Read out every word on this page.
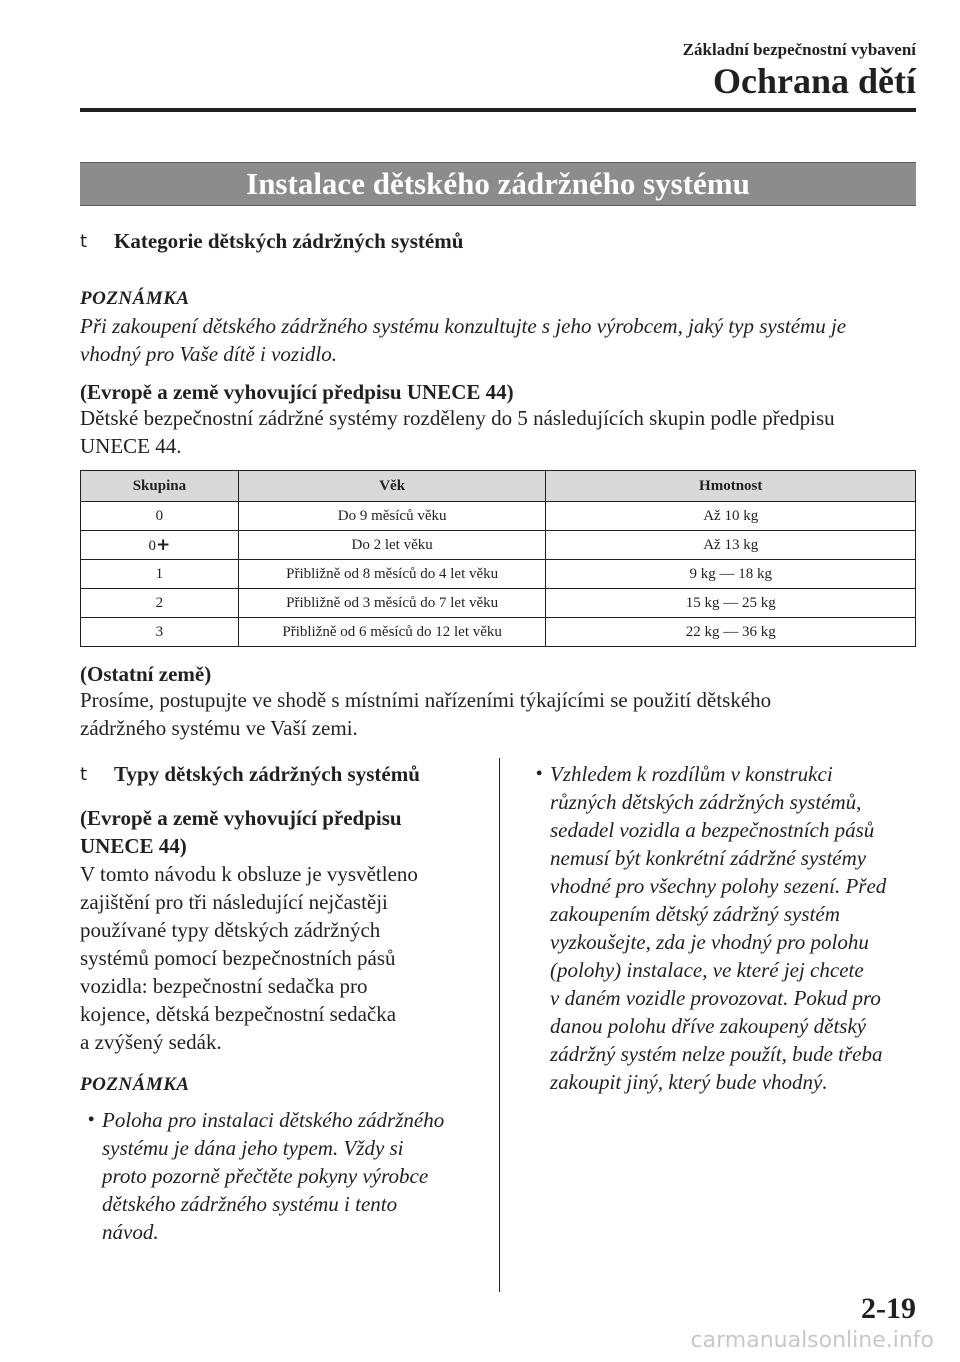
Základní bezpečnostní vybavení
Ochrana dětí
Instalace dětského zádržného systému
t	Kategorie dětských zádržných systémů
POZNÁMKA
Při zakoupení dětského zádržného systému konzultujte s jeho výrobcem, jaký typ systému je
vhodný pro Vaše dítě i vozidlo.
(Evropě a země vyhovující předpisu UNECE 44)
Dětské bezpečnostní zádržné systémy rozděleny do 5 následujících skupin podle předpisu
UNECE 44.
Skupina	Věk	Hmotnost
0	Do 9 měsíců věku	Až 10 kg
0+	Do 2 let věku	Až 13 kg
1	Přibližně od 8 měsíců do 4 let věku	9 kg — 18 kg
2	Přibližně od 3 měsíců do 7 let věku	15 kg — 25 kg
3	Přibližně od 6 měsíců do 12 let věku	22 kg — 36 kg
(Ostatní země)
Prosíme, postupujte ve shodě s místními nařízeními týkajícími se použití dětského
zádržného systému ve Vaší zemi.
t	Typy dětských zádržných systémů
(Evropě a země vyhovující předpisu
UNECE 44)
V tomto návodu k obsluze je vysvětleno
zajištění pro tři následující nejčastěji
používané typy dětských zádržných
systémů pomocí bezpečnostních pásů
vozidla: bezpečnostní sedačka pro
kojence, dětská bezpečnostní sedačka
a zvýšený sedák.
POZNÁMKA
• Poloha pro instalaci dětského zádržného
systému je dána jeho typem. Vždy si
proto pozorně přečtěte pokyny výrobce
dětského zádržného systému i tento
návod.
• Vzhledem k rozdílům v konstrukci
různých dětských zádržných systémů,
sedadel vozidla a bezpečnostních pásů
nemusí být konkrétní zádržné systémy
vhodné pro všechny polohy sezení. Před
zakoupením dětský zádržný systém
vyzkoušejte, zda je vhodný pro polohu
(polohy) instalace, ve které jej chcete
v daném vozidle provozovat. Pokud pro
danou polohu dříve zakoupený dětský
zádržný systém nelze použít, bude třeba
zakoupit jiný, který bude vhodný.
2-19
carmanualsonline.info
